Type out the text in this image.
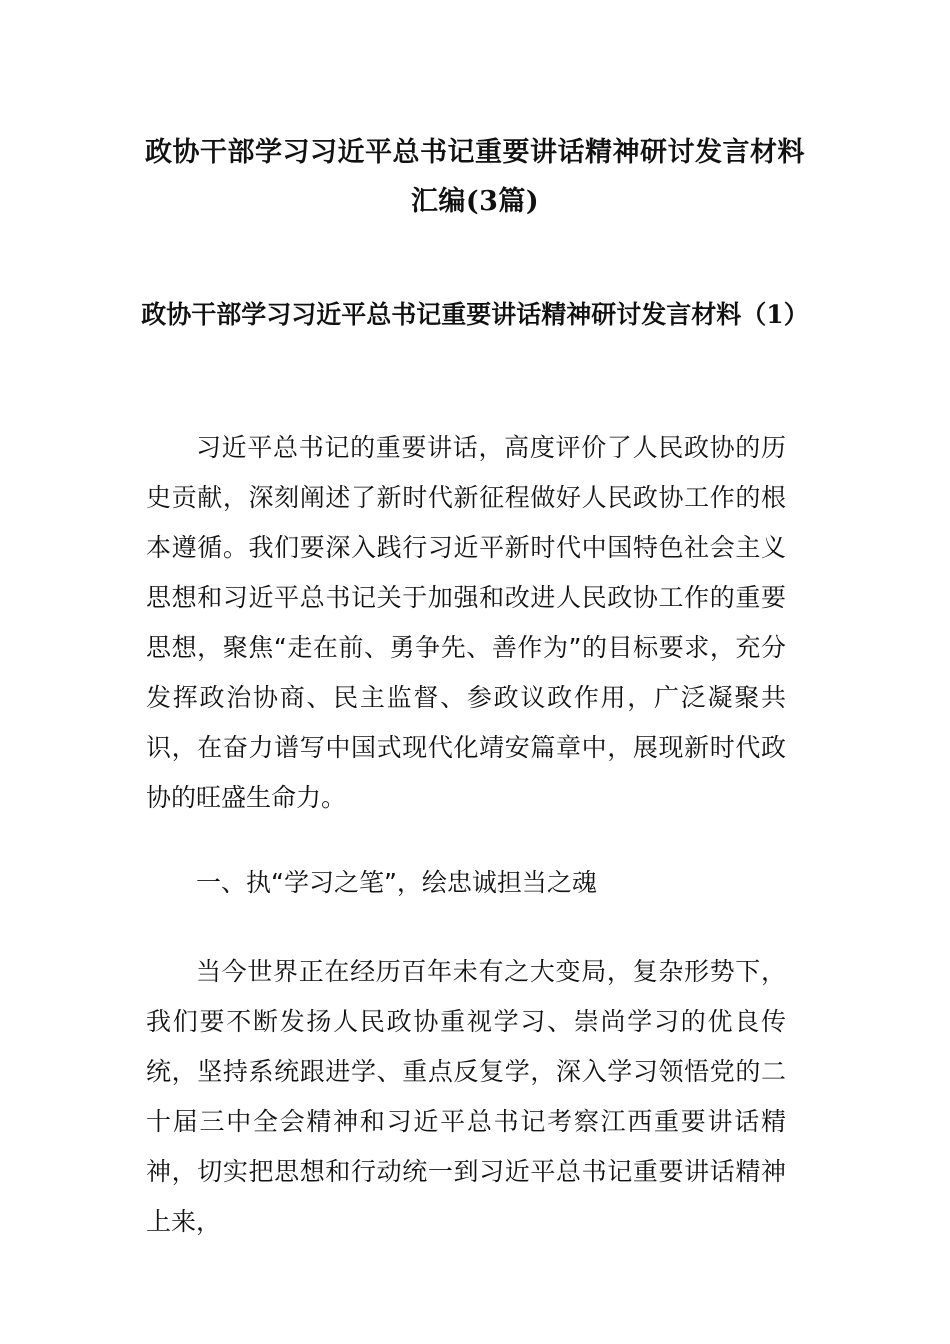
政协干部学习习近平总书记重要讲话精神研讨发言材料汇编(3篇)
政协干部学习习近平总书记重要讲话精神研讨发言材料（1）

习近平总书记的重要讲话，高度评价了人民政协的历史贡献，深刻阐述了新时代新征程做好人民政协工作的根本遵循。我们要深入践行习近平新时代中国特色社会主义思想和习近平总书记关于加强和改进人民政协工作的重要思想，聚焦“走在前、勇争先、善作为”的目标要求，充分发挥政治协商、民主监督、参政议政作用，广泛凝聚共识，在奋力谱写中国式现代化靖安篇章中，展现新时代政协的旺盛生命力。

一、执“学习之笔”，绘忠诚担当之魂

当今世界正在经历百年未有之大变局，复杂形势下，我们要不断发扬人民政协重视学习、崇尚学习的优良传统，坚持系统跟进学、重点反复学，深入学习领悟党的二十届三中全会精神和习近平总书记考察江西重要讲话精神，切实把思想和行动统一到习近平总书记重要讲话精神上来，
